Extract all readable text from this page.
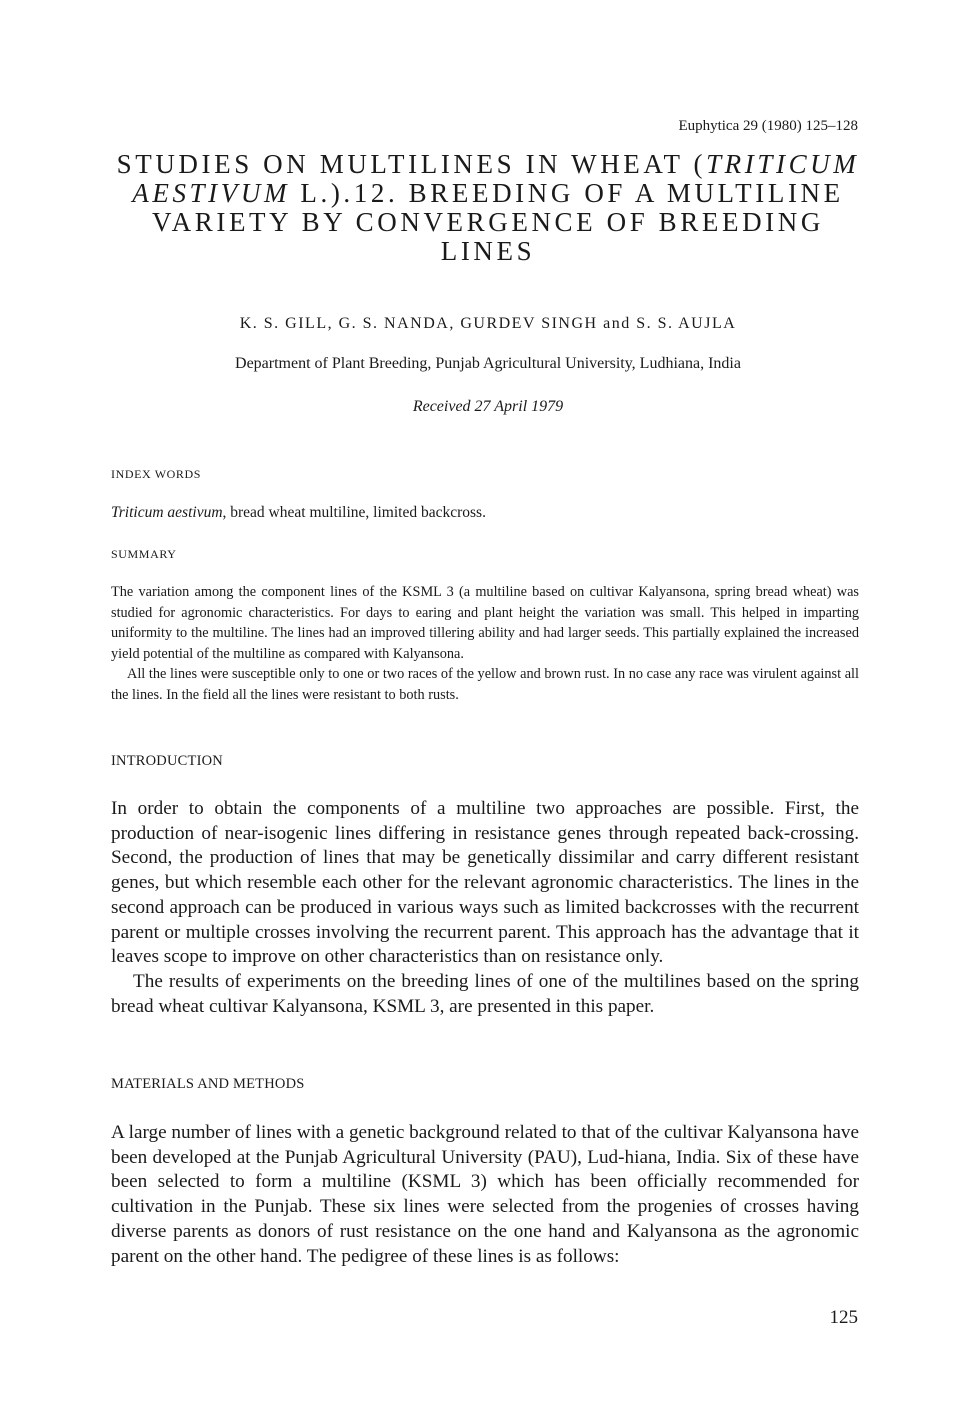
Euphytica 29 (1980) 125–128
STUDIES ON MULTILINES IN WHEAT (TRITICUM AESTIVUM L.).12. BREEDING OF A MULTILINE VARIETY BY CONVERGENCE OF BREEDING LINES
K. S. GILL, G. S. NANDA, GURDEV SINGH and S. S. AUJLA
Department of Plant Breeding, Punjab Agricultural University, Ludhiana, India
Received 27 April 1979
INDEX WORDS
Triticum aestivum, bread wheat multiline, limited backcross.
SUMMARY

The variation among the component lines of the KSML 3 (a multiline based on cultivar Kalyansona, spring bread wheat) was studied for agronomic characteristics. For days to earing and plant height the variation was small. This helped in imparting uniformity to the multiline. The lines had an improved tillering ability and had larger seeds. This partially explained the increased yield potential of the multiline as compared with Kalyansona.

All the lines were susceptible only to one or two races of the yellow and brown rust. In no case any race was virulent against all the lines. In the field all the lines were resistant to both rusts.

INTRODUCTION

In order to obtain the components of a multiline two approaches are possible. First, the production of near-isogenic lines differing in resistance genes through repeated back-crossing. Second, the production of lines that may be genetically dissimilar and carry different resistant genes, but which resemble each other for the relevant agronomic characteristics. The lines in the second approach can be produced in various ways such as limited backcrosses with the recurrent parent or multiple crosses involving the recurrent parent. This approach has the advantage that it leaves scope to improve on other characteristics than on resistance only.

The results of experiments on the breeding lines of one of the multilines based on the spring bread wheat cultivar Kalyansona, KSML 3, are presented in this paper.

MATERIALS AND METHODS

A large number of lines with a genetic background related to that of the cultivar Kalyansona have been developed at the Punjab Agricultural University (PAU), Lud-hiana, India. Six of these have been selected to form a multiline (KSML 3) which has been officially recommended for cultivation in the Punjab. These six lines were selected from the progenies of crosses having diverse parents as donors of rust resistance on the one hand and Kalyansona as the agronomic parent on the other hand. The pedigree of these lines is as follows:

125
